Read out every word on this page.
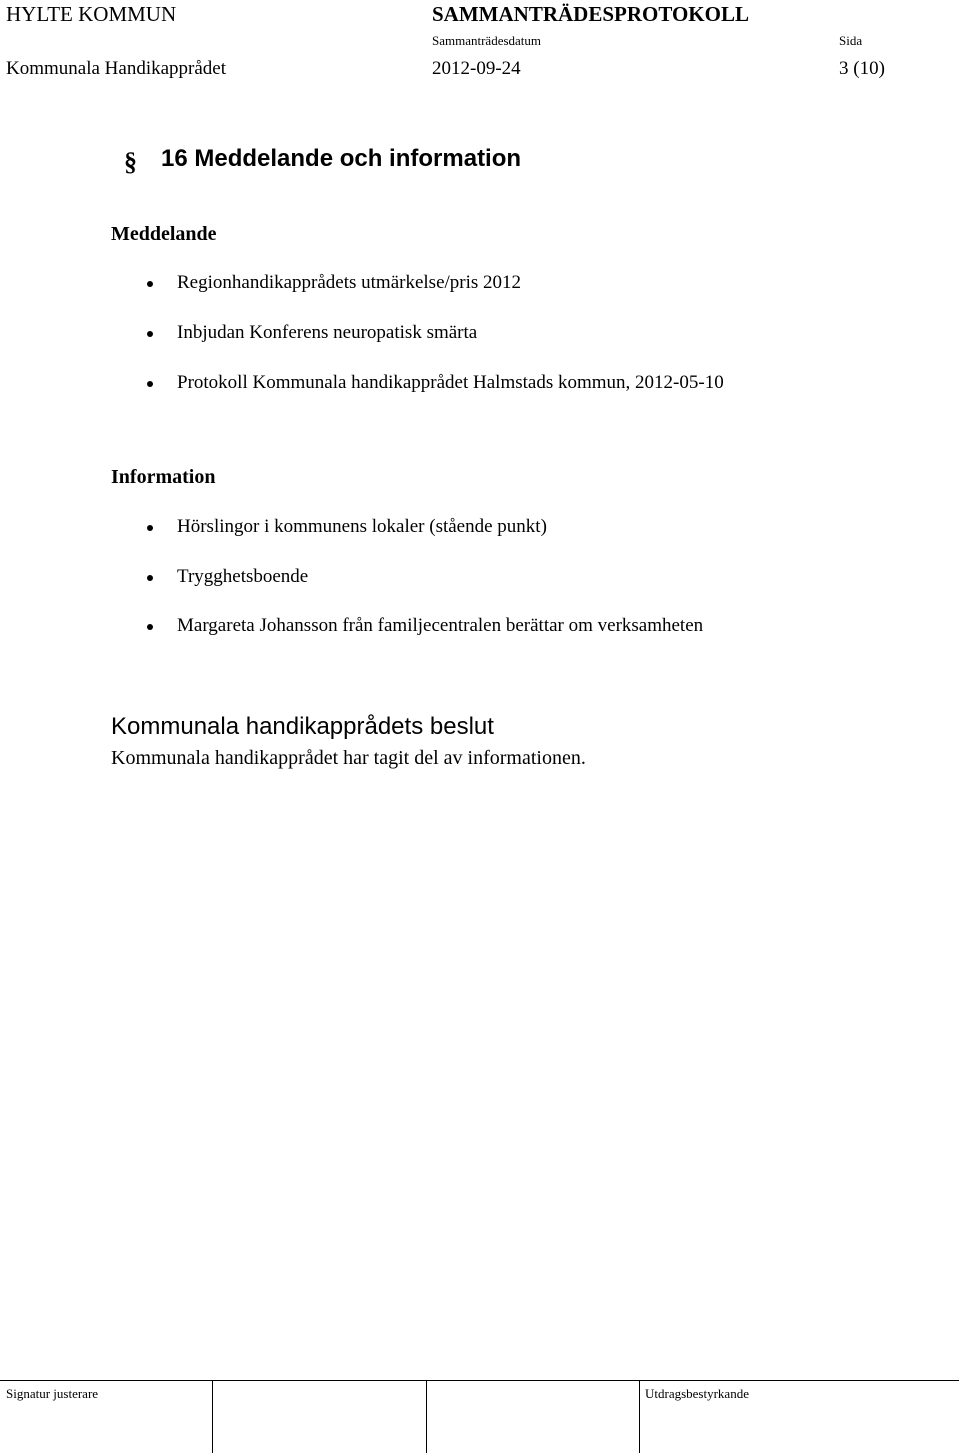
HYLTE KOMMUN	SAMMANTRÄDESPROTOKOLL
Sammanträdesdatum	Sida
Kommunala Handikapprådet	2012-09-24	3 (10)
§ 16 Meddelande och information
Meddelande
Regionhandikapprådets utmärkelse/pris 2012
Inbjudan Konferens neuropatisk smärta
Protokoll Kommunala handikapprådet Halmstads kommun, 2012-05-10
Information
Hörslingor i kommunens lokaler (stående punkt)
Trygghetsboende
Margareta Johansson från familjecentralen berättar om verksamheten
Kommunala handikapprådets beslut
Kommunala handikapprådet har tagit del av informationen.
Signatur justerare	Utdragsbestyrkande
